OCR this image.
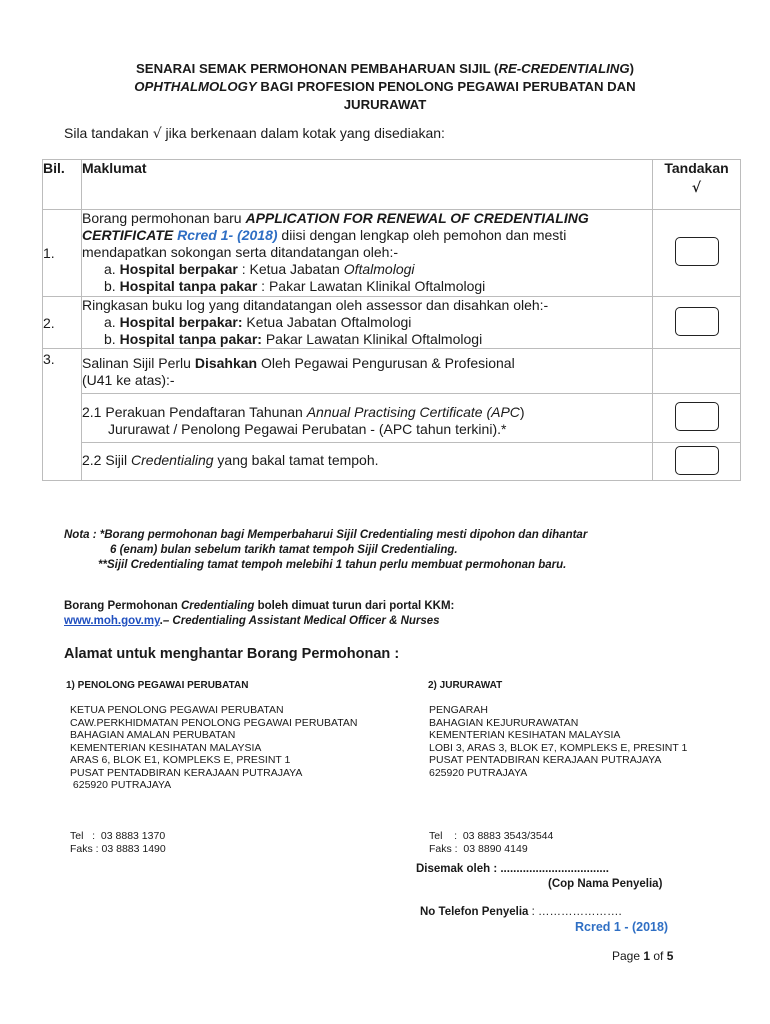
SENARAI SEMAK PERMOHONAN PEMBAHARUAN SIJIL (RE-CREDENTIALING)
OPHTHALMOLOGY BAGI PROFESION PENOLONG PEGAWAI PERUBATAN DAN
JURURAWAT
Sila tandakan √ jika berkenaan dalam kotak yang disediakan:
Bil.	Maklumat	Tandakan
√

1.	Borang permohonan baru APPLICATION FOR RENEWAL OF CREDENTIALING CERTIFICATE Rcred 1- (2018) diisi dengan lengkap oleh pemohon dan mesti mendapatkan sokongan serta ditandatangan oleh:-
a. Hospital berpakar : Ketua Jabatan Oftalmologi
b. Hospital tanpa pakar : Pakar Lawatan Klinikal Oftalmologi	

2.	Ringkasan buku log yang ditandatangan oleh assessor dan disahkan oleh:-
a. Hospital berpakar: Ketua Jabatan Oftalmologi
b. Hospital tanpa pakar: Pakar Lawatan Klinikal Oftalmologi	

3.	Salinan Sijil Perlu Disahkan Oleh Pegawai Pengurusan & Profesional
(U41 ke atas):-	

	2.1 Perakuan Pendaftaran Tahunan Annual Practising Certificate (APC)
Jururawat / Penolong Pegawai Perubatan - (APC tahun terkini).*	

	2.2 Sijil Credentialing yang bakal tamat tempoh.	
Nota : *Borang permohonan bagi Memperbaharui Sijil Credentialing mesti dipohon dan dihantar
6 (enam) bulan sebelum tarikh tamat tempoh Sijil Credentialing.
**Sijil Credentialing tamat tempoh melebihi 1 tahun perlu membuat permohonan baru.
Borang Permohonan Credentialing boleh dimuat turun dari portal KKM:
www.moh.gov.my.– Credentialing Assistant Medical Officer & Nurses
Alamat untuk menghantar Borang Permohonan :
1) PENOLONG PEGAWAI PERUBATAN
KETUA PENOLONG PEGAWAI PERUBATAN
CAW.PERKHIDMATAN PENOLONG PEGAWAI PERUBATAN
BAHAGIAN AMALAN PERUBATAN
KEMENTERIAN KESIHATAN MALAYSIA
ARAS 6, BLOK E1, KOMPLEKS E, PRESINT 1
PUSAT PENTADBIRAN KERAJAAN PUTRAJAYA
625920 PUTRAJAYA

Tel   :  03 8883 1370
Faks : 03 8883 1490

2) JURURAWAT
PENGARAH
BAHAGIAN KEJURURAWATAN
KEMENTERIAN KESIHATAN MALAYSIA
LOBI 3, ARAS 3, BLOK E7, KOMPLEKS E, PRESINT 1
PUSAT PENTADBIRAN KERAJAAN PUTRAJAYA
625920 PUTRAJAYA

Tel    :  03 8883 3543/3544
Faks :  03 8890 4149

Disemak oleh : ..................................
(Cop Nama Penyelia)
No Telefon Penyelia : ………………….
Rcred 1 - (2018)
Page 1 of 5
